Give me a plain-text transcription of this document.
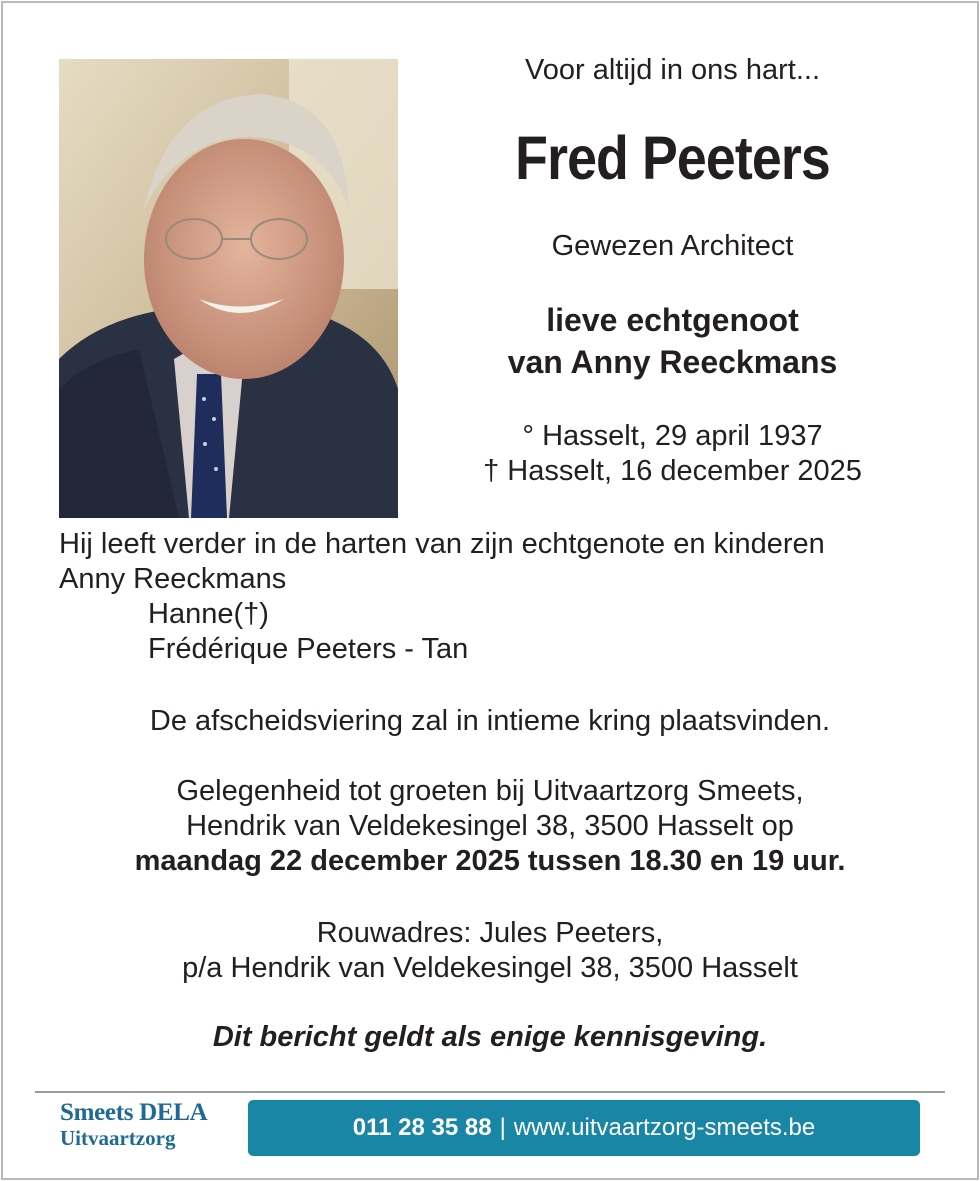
Voor altijd in ons hart...
Fred Peeters
Gewezen Architect
lieve echtgenoot
van Anny Reeckmans
° Hasselt, 29 april 1937
† Hasselt, 16 december 2025
Hij leeft verder in de harten van zijn echtgenote en kinderen
Anny Reeckmans
Hanne(†)
Frédérique Peeters - Tan
De afscheidsviering zal in intieme kring plaatsvinden.
Gelegenheid tot groeten bij Uitvaartzorg Smeets,
Hendrik van Veldekesingel 38, 3500 Hasselt op
maandag 22 december 2025 tussen 18.30 en 19 uur.
Rouwadres: Jules Peeters,
p/a Hendrik van Veldekesingel 38, 3500 Hasselt
Dit bericht geldt als enige kennisgeving.
Smeets DELA
Uitvaartzorg	011 28 35 88 | www.uitvaartzorg-smeets.be
